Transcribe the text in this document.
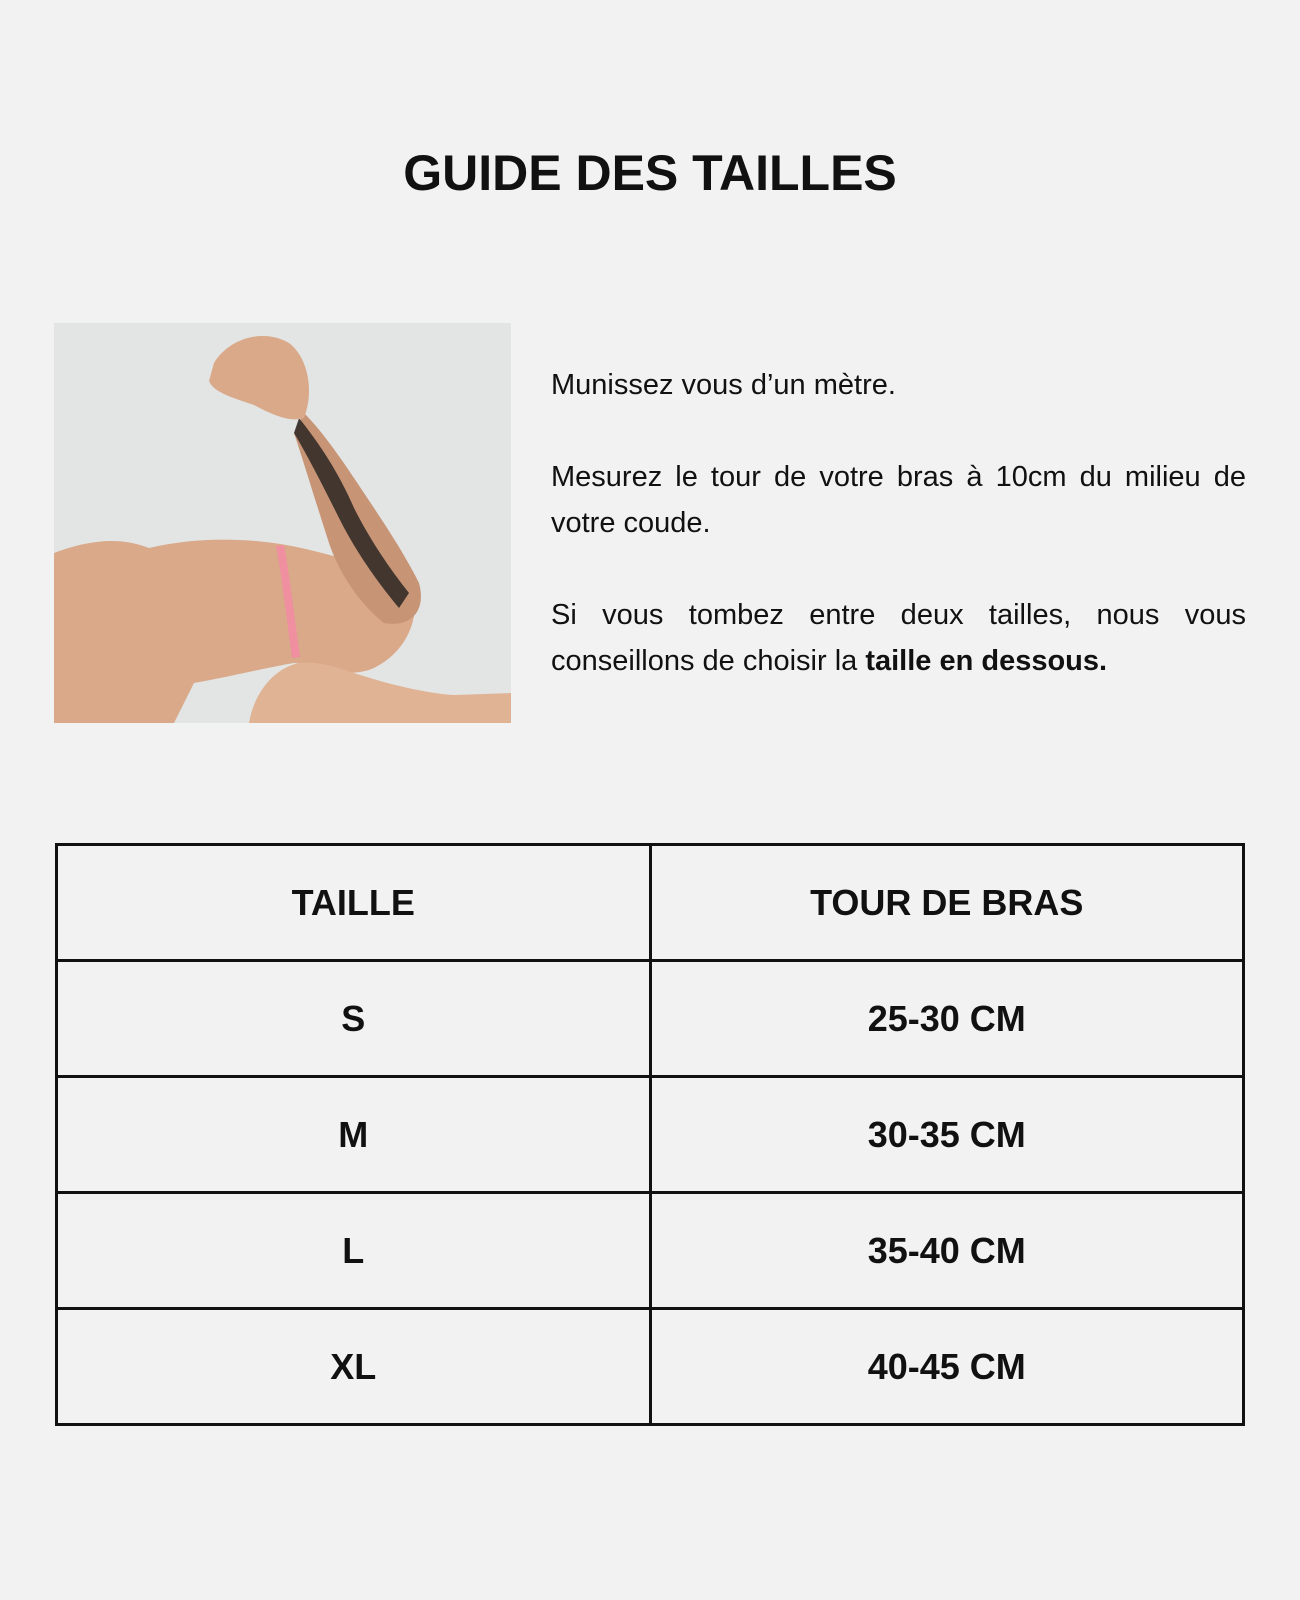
GUIDE DES TAILLES

Munissez vous d’un mètre.

Mesurez le tour de votre bras à 10cm du milieu de votre coude.

Si vous tombez entre deux tailles, nous vous conseillons de choisir la taille en dessous.

TAILLE	TOUR DE BRAS
S	25-30 CM
M	30-35 CM
L	35-40 CM
XL	40-45 CM
